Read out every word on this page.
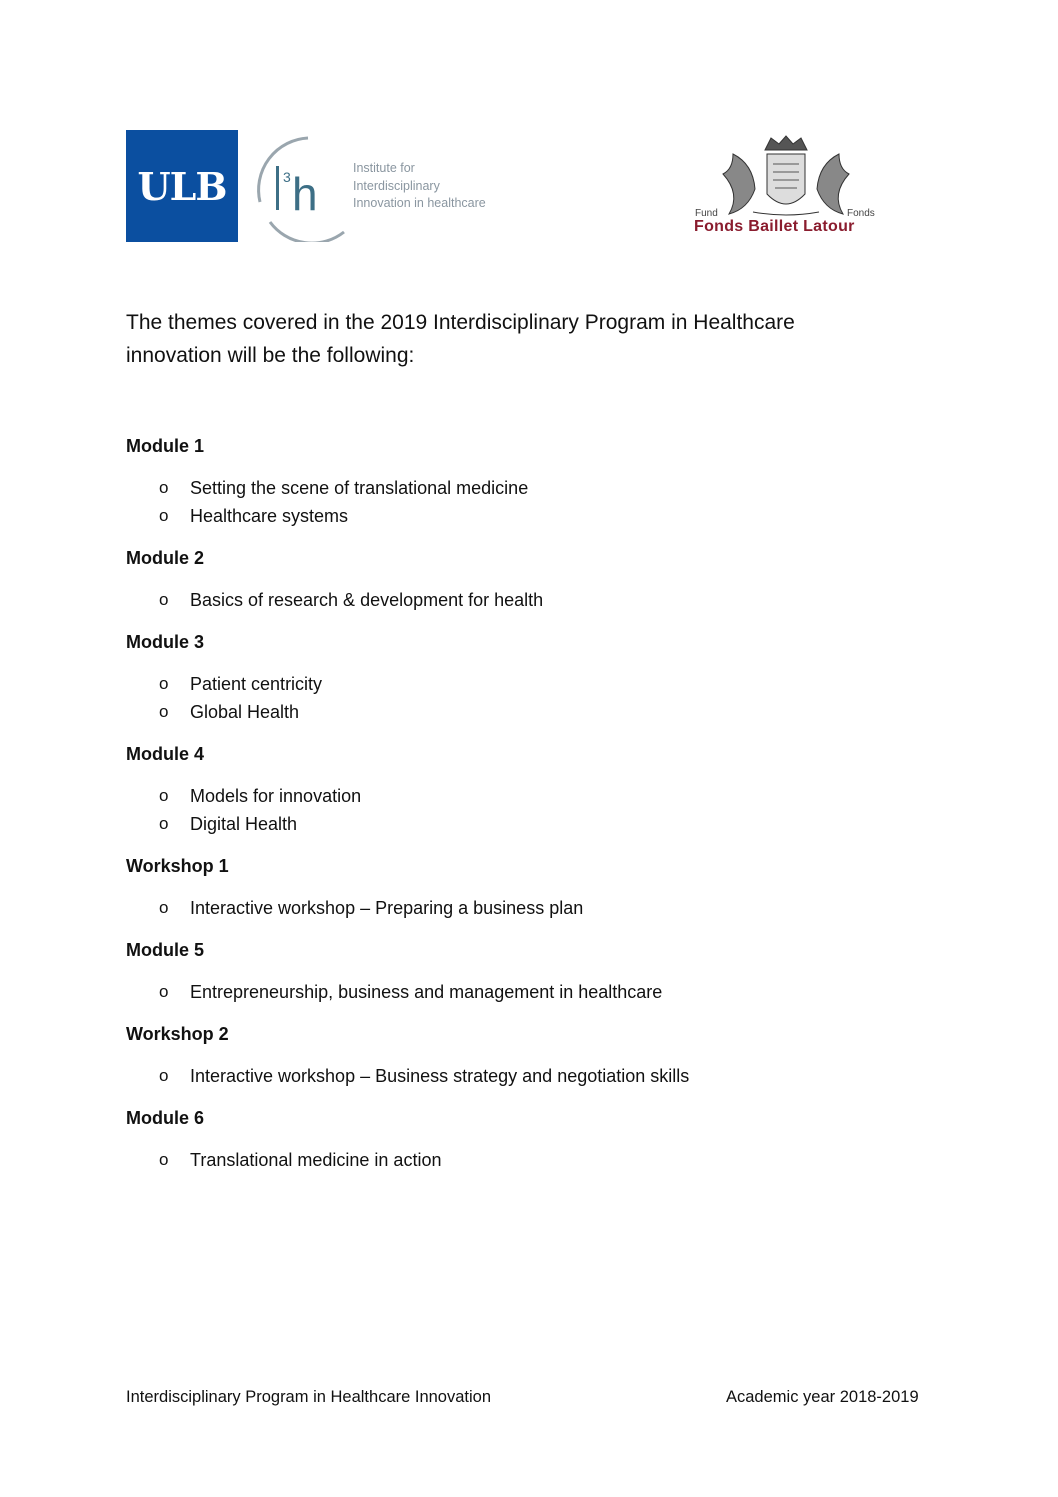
ULB	3 h	Institute for
Interdisciplinary
Innovation in healthcare
Fund	Fonds
Fonds Baillet Latour
The themes covered in the 2019 Interdisciplinary Program in Healthcare
innovation will be the following:
Module 1
o Setting the scene of translational medicine
o Healthcare systems
Module 2
o Basics of research & development for health
Module 3
o Patient centricity
o Global Health
Module 4
o Models for innovation
o Digital Health
Workshop 1
o Interactive workshop – Preparing a business plan
Module 5
o Entrepreneurship, business and management in healthcare
Workshop 2
o Interactive workshop – Business strategy and negotiation skills
Module 6
o Translational medicine in action
Interdisciplinary Program in Healthcare Innovation	Academic year 2018-2019
